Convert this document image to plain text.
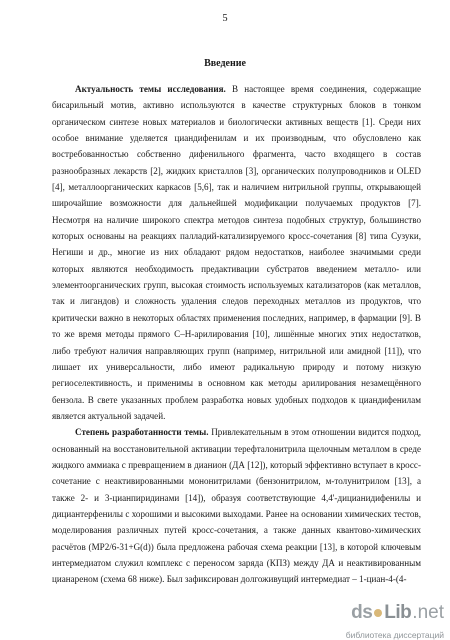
5
Введение

Актуальность темы исследования. В настоящее время соединения, содержащие бисарильный мотив, активно используются в качестве структурных блоков в тонком органическом синтезе новых материалов и биологически активных веществ [1]. Среди них особое внимание уделяется циандифенилам и их производным, что обусловлено как востребованностью собственно дифенильного фрагмента, часто входящего в состав разнообразных лекарств [2], жидких кристаллов [3], органических полупроводников и OLED [4], металлоорганических каркасов [5,6], так и наличием нитрильной группы, открывающей широчайшие возможности для дальнейшей модификации получаемых продуктов [7]. Несмотря на наличие широкого спектра методов синтеза подобных структур, большинство которых основаны на реакциях палладий-катализируемого кросс-сочетания [8] типа Сузуки, Негиши и др., многие из них обладают рядом недостатков, наиболее значимыми среди которых являются необходимость предактивации субстратов введением металло- или элементоорганических групп, высокая стоимость используемых катализаторов (как металлов, так и лигандов) и сложность удаления следов переходных металлов из продуктов, что критически важно в некоторых областях применения последних, например, в фармации [9]. В то же время методы прямого С–Н-арилирования [10], лишённые многих этих недостатков, либо требуют наличия направляющих групп (например, нитрильной или амидной [11]), что лишает их универсальности, либо имеют радикальную природу и потому низкую региоселективность, и применимы в основном как методы арилирования незамещённого бензола. В свете указанных проблем разработка новых удобных подходов к циандифенилам является актуальной задачей.

Степень разработанности темы. Привлекательным в этом отношении видится подход, основанный на восстановительной активации терефталонитрила щелочным металлом в среде жидкого аммиака с превращением в дианион (ДА [12]), который эффективно вступает в кросс-сочетание с неактивированными мононитрилами (бензонитрилом, м-толунитрилом [13], а также 2- и 3-цианпиридинами [14]), образуя соответствующие 4,4'-дицианидифенилы и дициантерфенилы с хорошими и высокими выходами. Ранее на основании химических тестов, моделирования различных путей кросс-сочетания, а также данных квантово-химических расчётов (MP2/6-31+G(d)) была предложена рабочая схема реакции [13], в которой ключевым интермедиатом служил комплекс с переносом заряда (КПЗ) между ДА и неактивированным цианареном (схема 68 ниже). Был зафиксирован долгоживущий интермедиат – 1-циан-4-(4-

ds Lib .net
библиотека диссертаций
